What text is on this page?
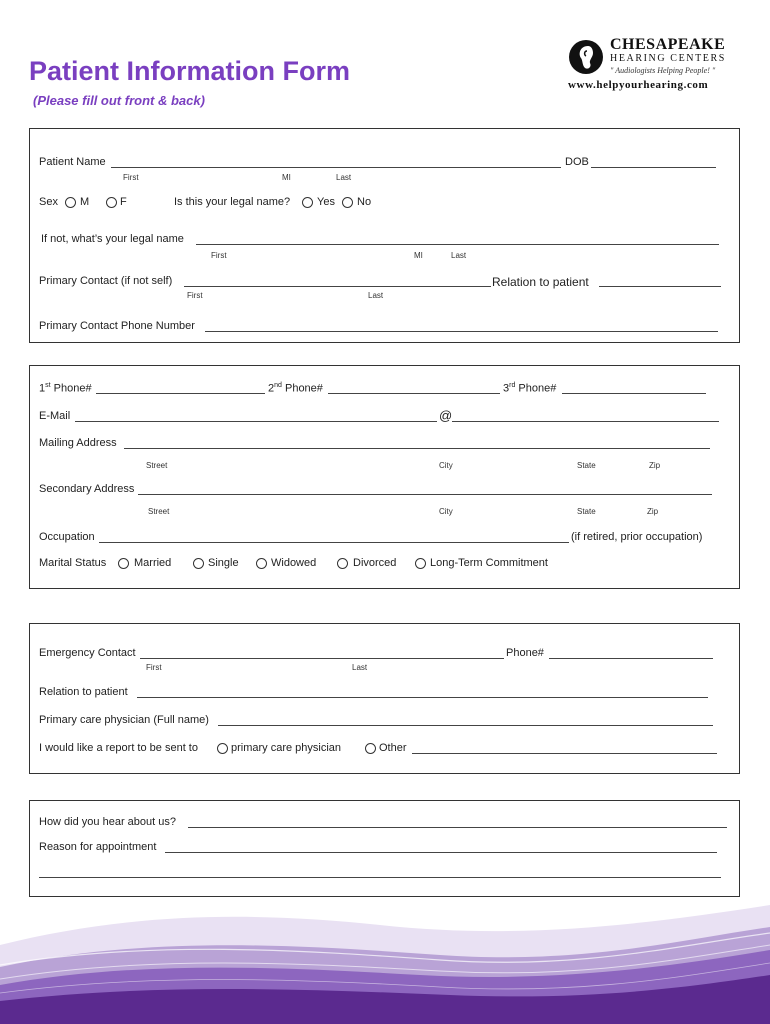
Patient Information Form
(Please fill out front & back)
CHESAPEAKE
HEARING CENTERS
" Audiologists Helping People! "
www.helpyourhearing.com
Patient Name	DOB
First	MI	Last
Sex M	F	Is this your legal name? Yes No
If not, what’s your legal name
First	MI	Last
Primary Contact (if not self)	Relation to patient
First	Last
Primary Contact Phone Number
1st Phone#	2nd Phone#	3rd Phone#
E-Mail	@
Mailing Address
Street	City	State	Zip
Secondary Address
Street	City	State	Zip
Occupation	(if retired, prior occupation)
Marital Status	Married	Single	Widowed	Divorced	Long-Term Commitment
Emergency Contact	Phone#
First	Last
Relation to patient
Primary care physician (Full name)
I would like a report to be sent to	primary care physician	Other
How did you hear about us?
Reason for appointment
